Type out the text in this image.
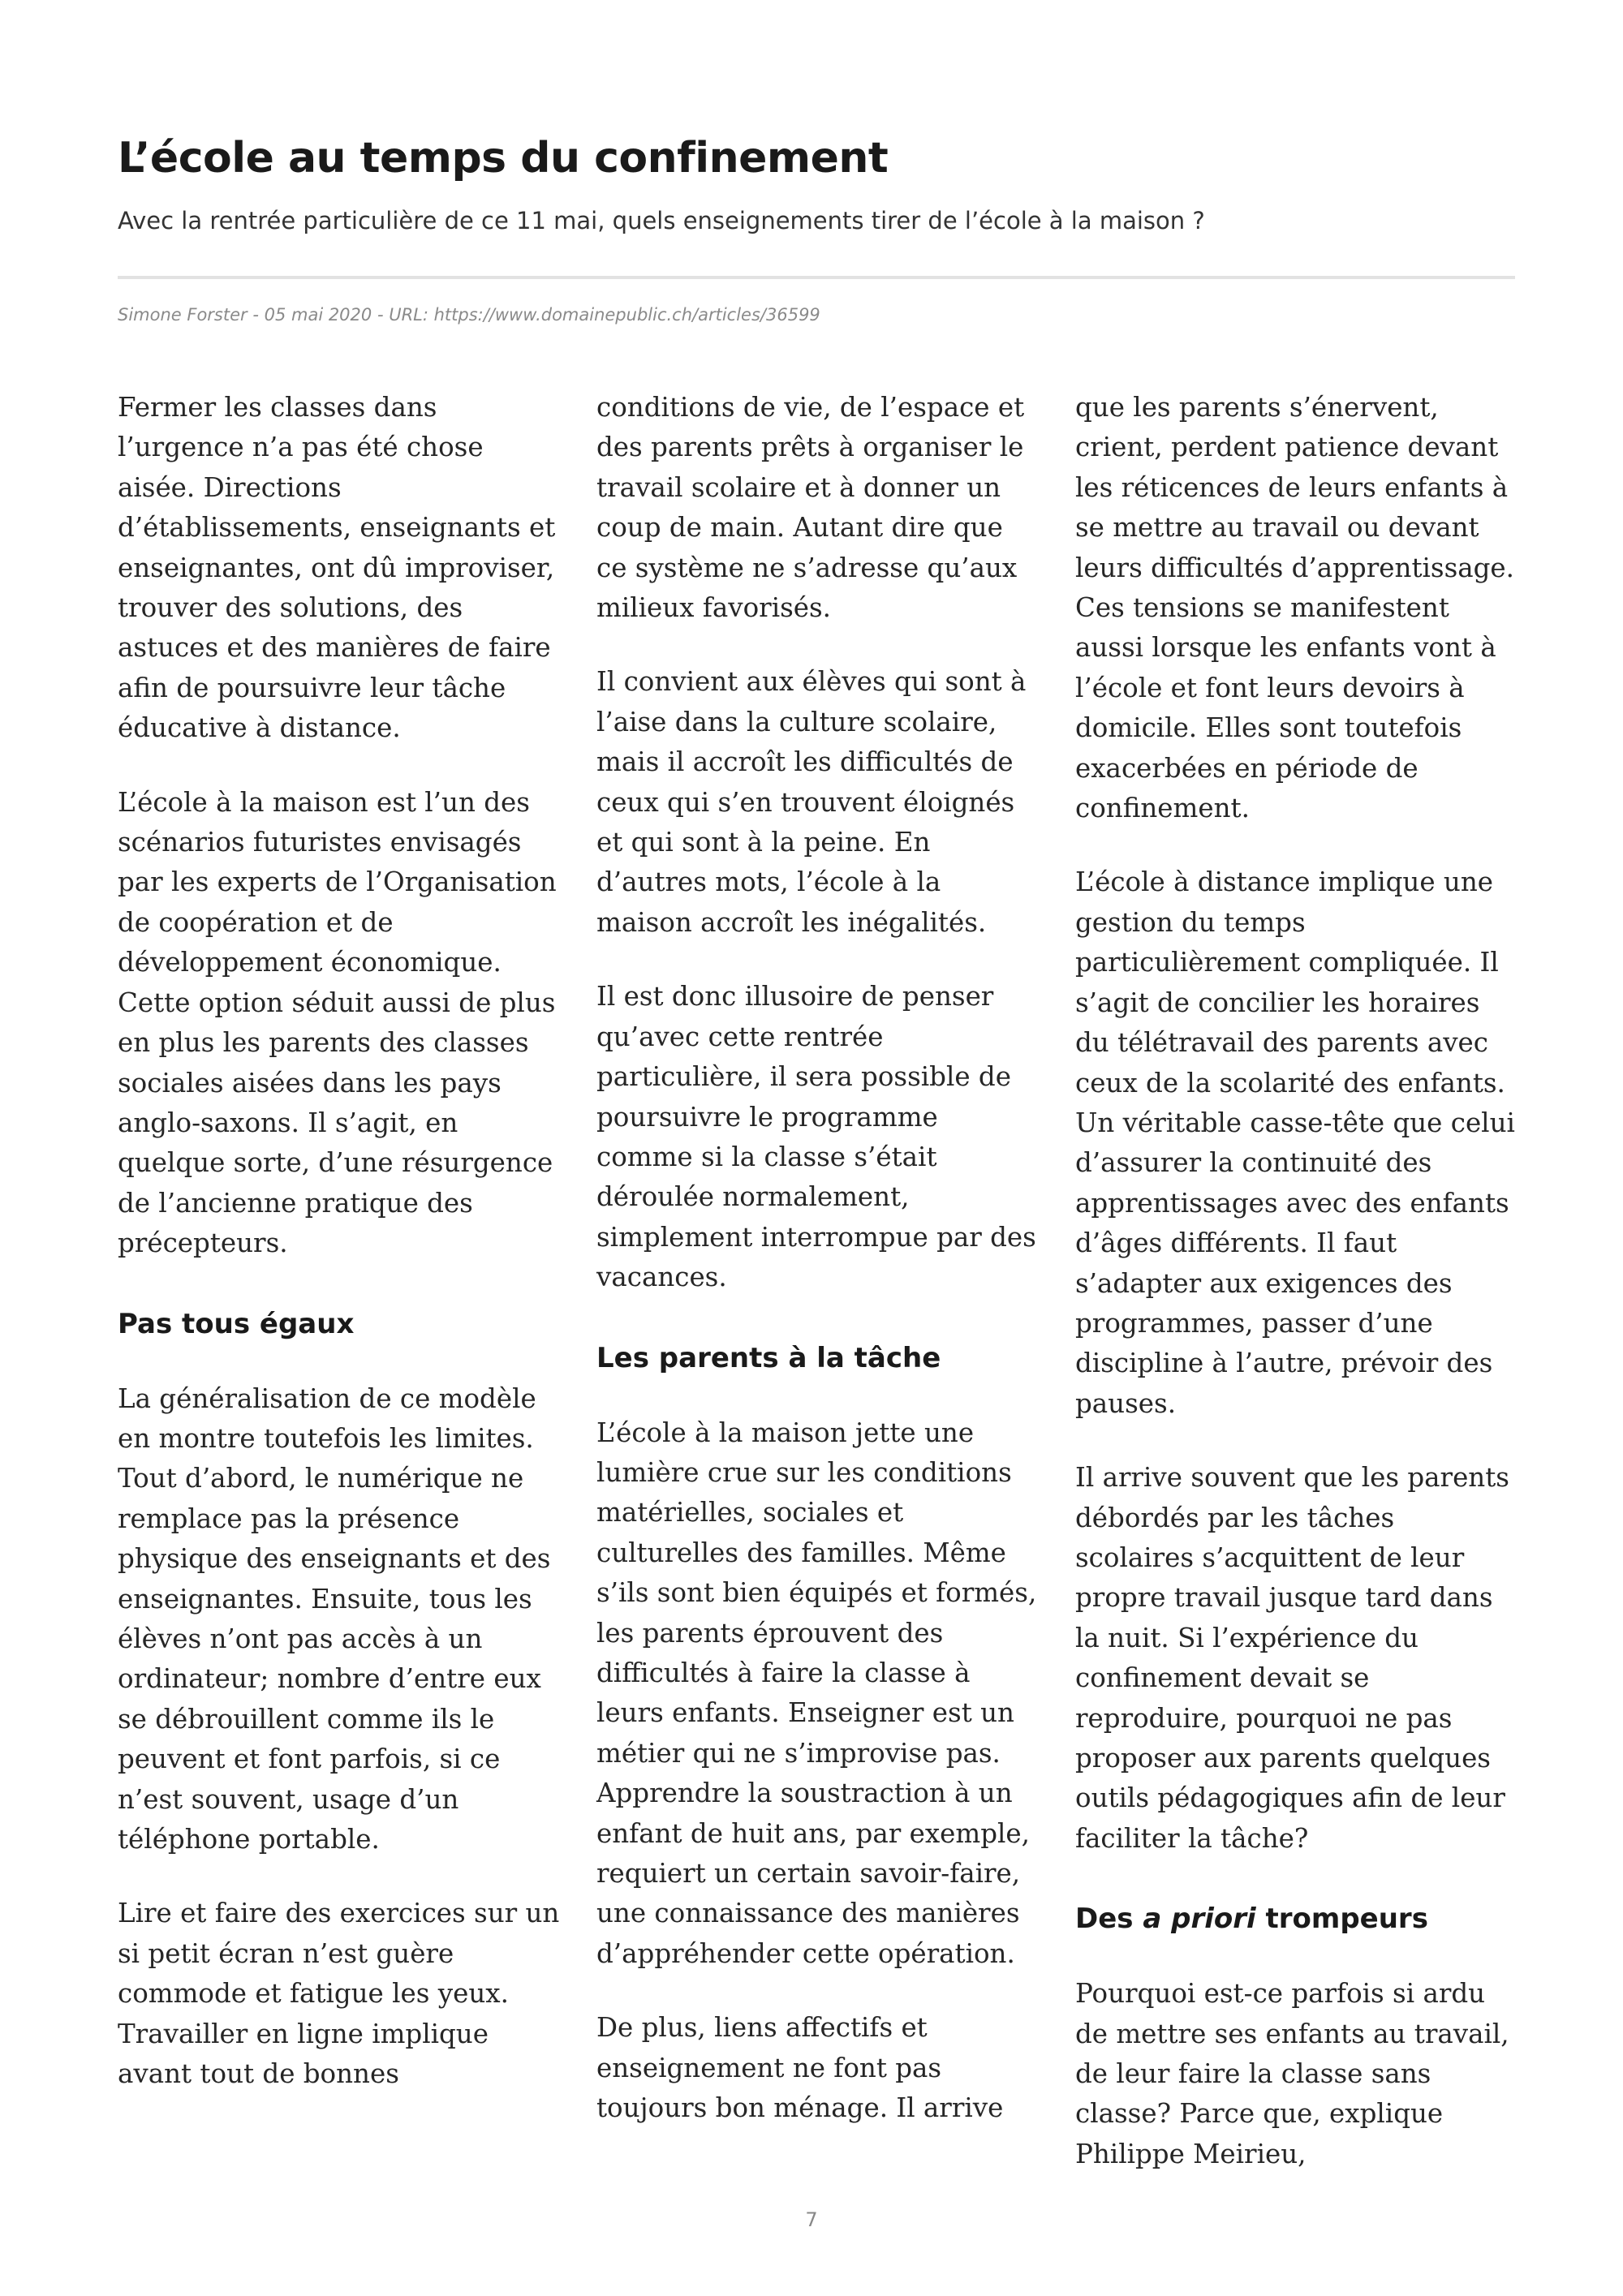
L’école au temps du confinement

Avec la rentrée particulière de ce 11 mai, quels enseignements tirer de l’école à la maison ?

Simone Forster - 05 mai 2020 - URL: https://www.domainepublic.ch/articles/36599

Fermer les classes dans l’urgence n’a pas été chose aisée. Directions d’établissements, enseignants et enseignantes, ont dû improviser, trouver des solutions, des astuces et des manières de faire afin de poursuivre leur tâche éducative à distance.

L’école à la maison est l’un des scénarios futuristes envisagés par les experts de l’Organisation de coopération et de développement économique. Cette option séduit aussi de plus en plus les parents des classes sociales aisées dans les pays anglo-saxons. Il s’agit, en quelque sorte, d’une résurgence de l’ancienne pratique des précepteurs.

Pas tous égaux

La généralisation de ce modèle en montre toutefois les limites. Tout d’abord, le numérique ne remplace pas la présence physique des enseignants et des enseignantes. Ensuite, tous les élèves n’ont pas accès à un ordinateur; nombre d’entre eux se débrouillent comme ils le peuvent et font parfois, si ce n’est souvent, usage d’un téléphone portable.

Lire et faire des exercices sur un si petit écran n’est guère commode et fatigue les yeux. Travailler en ligne implique avant tout de bonnes

conditions de vie, de l’espace et des parents prêts à organiser le travail scolaire et à donner un coup de main. Autant dire que ce système ne s’adresse qu’aux milieux favorisés.

Il convient aux élèves qui sont à l’aise dans la culture scolaire, mais il accroît les difficultés de ceux qui s’en trouvent éloignés et qui sont à la peine. En d’autres mots, l’école à la maison accroît les inégalités.

Il est donc illusoire de penser qu’avec cette rentrée particulière, il sera possible de poursuivre le programme comme si la classe s’était déroulée normalement, simplement interrompue par des vacances.

Les parents à la tâche

L’école à la maison jette une lumière crue sur les conditions matérielles, sociales et culturelles des familles. Même s’ils sont bien équipés et formés, les parents éprouvent des difficultés à faire la classe à leurs enfants. Enseigner est un métier qui ne s’improvise pas. Apprendre la soustraction à un enfant de huit ans, par exemple, requiert un certain savoir-faire, une connaissance des manières d’appréhender cette opération.

De plus, liens affectifs et enseignement ne font pas toujours bon ménage. Il arrive

que les parents s’énervent, crient, perdent patience devant les réticences de leurs enfants à se mettre au travail ou devant leurs difficultés d’apprentissage. Ces tensions se manifestent aussi lorsque les enfants vont à l’école et font leurs devoirs à domicile. Elles sont toutefois exacerbées en période de confinement.

L’école à distance implique une gestion du temps particulièrement compliquée. Il s’agit de concilier les horaires du télétravail des parents avec ceux de la scolarité des enfants. Un véritable casse-tête que celui d’assurer la continuité des apprentissages avec des enfants d’âges différents. Il faut s’adapter aux exigences des programmes, passer d’une discipline à l’autre, prévoir des pauses.

Il arrive souvent que les parents débordés par les tâches scolaires s’acquittent de leur propre travail jusque tard dans la nuit. Si l’expérience du confinement devait se reproduire, pourquoi ne pas proposer aux parents quelques outils pédagogiques afin de leur faciliter la tâche?

Des a priori trompeurs

Pourquoi est-ce parfois si ardu de mettre ses enfants au travail, de leur faire la classe sans classe? Parce que, explique Philippe Meirieu,

7
